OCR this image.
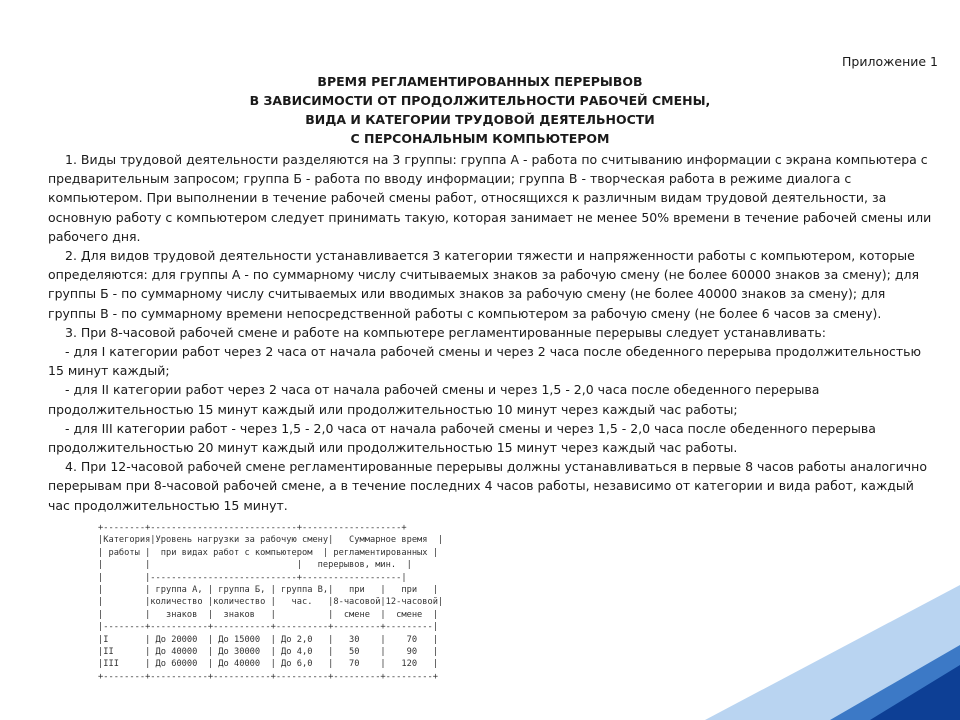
Приложение 1
ВРЕМЯ РЕГЛАМЕНТИРОВАННЫХ ПЕРЕРЫВОВ
В ЗАВИСИМОСТИ ОТ ПРОДОЛЖИТЕЛЬНОСТИ РАБОЧЕЙ СМЕНЫ,
ВИДА И КАТЕГОРИИ ТРУДОВОЙ ДЕЯТЕЛЬНОСТИ
С ПЕРСОНАЛЬНЫМ КОМПЬЮТЕРОМ

1. Виды трудовой деятельности разделяются на 3 группы: группа А - работа по считыванию информации с экрана компьютера с предварительным запросом; группа Б - работа по вводу информации; группа В - творческая работа в режиме диалога с компьютером. При выполнении в течение рабочей смены работ, относящихся к различным видам трудовой деятельности, за основную работу с компьютером следует принимать такую, которая занимает не менее 50% времени в течение рабочей смены или рабочего дня.

2. Для видов трудовой деятельности устанавливается 3 категории тяжести и напряженности работы с компьютером, которые определяются: для группы А - по суммарному числу считываемых знаков за рабочую смену (не более 60000 знаков за смену); для группы Б - по суммарному числу считываемых или вводимых знаков за рабочую смену (не более 40000 знаков за смену); для группы В - по суммарному времени непосредственной работы с компьютером за рабочую смену (не более 6 часов за смену).

3. При 8-часовой рабочей смене и работе на компьютере регламентированные перерывы следует устанавливать:

- для I категории работ через 2 часа от начала рабочей смены и через 2 часа после обеденного перерыва продолжительностью 15 минут каждый;

- для II категории работ через 2 часа от начала рабочей смены и через 1,5 - 2,0 часа после обеденного перерыва продолжительностью 15 минут каждый или продолжительностью 10 минут через каждый час работы;

- для III категории работ - через 1,5 - 2,0 часа от начала рабочей смены и через 1,5 - 2,0 часа после обеденного перерыва продолжительностью 20 минут каждый или продолжительностью 15 минут через каждый час работы.

4. При 12-часовой рабочей смене регламентированные перерывы должны устанавливаться в первые 8 часов работы аналогично перерывам при 8-часовой рабочей смене, а в течение последних 4 часов работы, независимо от категории и вида работ, каждый час продолжительностью 15 минут.

+--------+----------------------------+-------------------+
|Категория|Уровень нагрузки за рабочую смену|   Суммарное время  |
| работы |  при видах работ с компьютером  | регламентированных |
|        |                            |   перерывов, мин.  |
|        |----------------------------+-------------------|
|        | группа А, | группа Б, | группа В,|   при   |   при   |
|        |количество |количество |   час.   |8-часовой|12-часовой|
|        |   знаков  |  знаков   |          |  смене  |  смене  |
|--------+-----------+-----------+----------+---------+---------|
|I       | До 20000  | До 15000  | До 2,0   |   30    |    70   |
|II      | До 40000  | До 30000  | До 4,0   |   50    |    90   |
|III     | До 60000  | До 40000  | До 6,0   |   70    |   120   |
+--------+-----------+-----------+----------+---------+---------+
